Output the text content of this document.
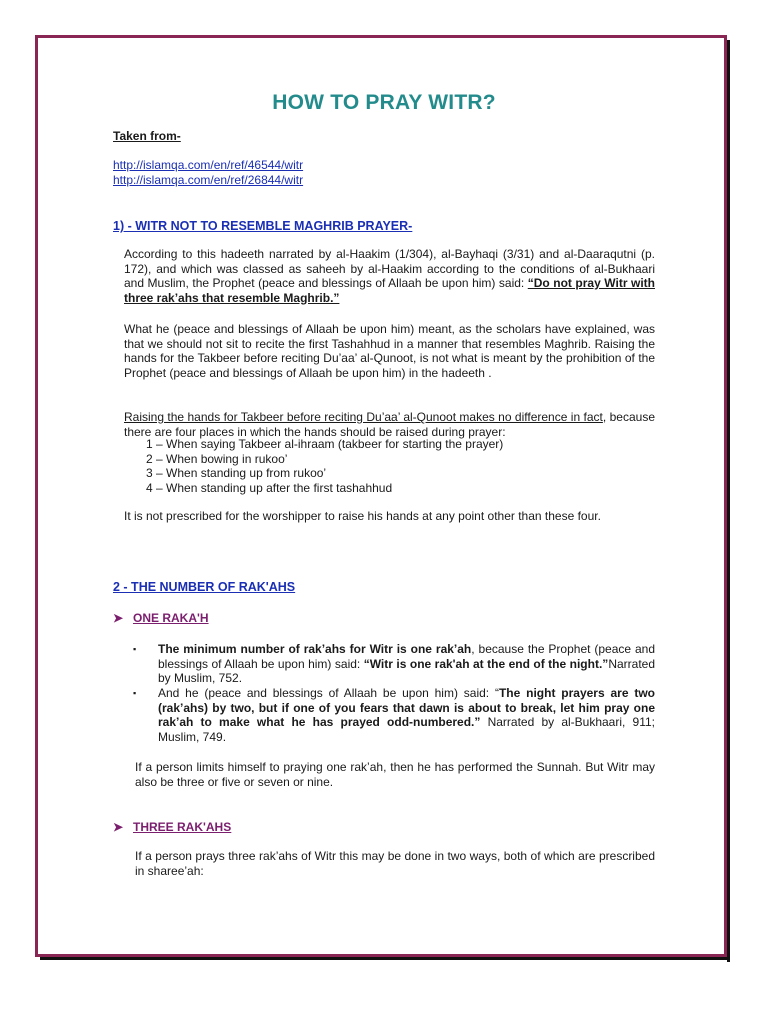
HOW TO PRAY WITR?
Taken from-
http://islamqa.com/en/ref/46544/witr
http://islamqa.com/en/ref/26844/witr
1) - WITR NOT TO RESEMBLE MAGHRIB PRAYER-
According to this hadeeth narrated by al-Haakim (1/304), al-Bayhaqi (3/31) and al-Daaraqutni (p. 172), and which was classed as saheeh by al-Haakim according to the conditions of al-Bukhaari and Muslim, the Prophet (peace and blessings of Allaah be upon him) said: “Do not pray Witr with three rak’ahs that resemble Maghrib.”
What he (peace and blessings of Allaah be upon him) meant, as the scholars have explained, was that we should not sit to recite the first Tashahhud in a manner that resembles Maghrib. Raising the hands for the Takbeer before reciting Du’aa’ al-Qunoot, is not what is meant by the prohibition of the Prophet (peace and blessings of Allaah be upon him) in the hadeeth .
Raising the hands for Takbeer before reciting Du’aa’ al-Qunoot makes no difference in fact, because there are four places in which the hands should be raised during prayer:
1 – When saying Takbeer al-ihraam (takbeer for starting the prayer)
2 – When bowing in rukoo’
3 – When standing up from rukoo’
4 – When standing up after the first tashahhud
It is not prescribed for the worshipper to raise his hands at any point other than these four.
2 - THE NUMBER OF RAK'AHS
➤ ONE RAKA'H
▪ The minimum number of rak’ahs for Witr is one rak’ah, because the Prophet (peace and blessings of Allaah be upon him) said: “Witr is one rak'ah at the end of the night.”Narrated by Muslim, 752.
▪ And he (peace and blessings of Allaah be upon him) said: “The night prayers are two (rak’ahs) by two, but if one of you fears that dawn is about to break, let him pray one rak’ah to make what he has prayed odd-numbered.” Narrated by al-Bukhaari, 911; Muslim, 749.
If a person limits himself to praying one rak’ah, then he has performed the Sunnah. But Witr may also be three or five or seven or nine.
➤ THREE RAK'AHS
If a person prays three rak’ahs of Witr this may be done in two ways, both of which are prescribed in sharee’ah:
